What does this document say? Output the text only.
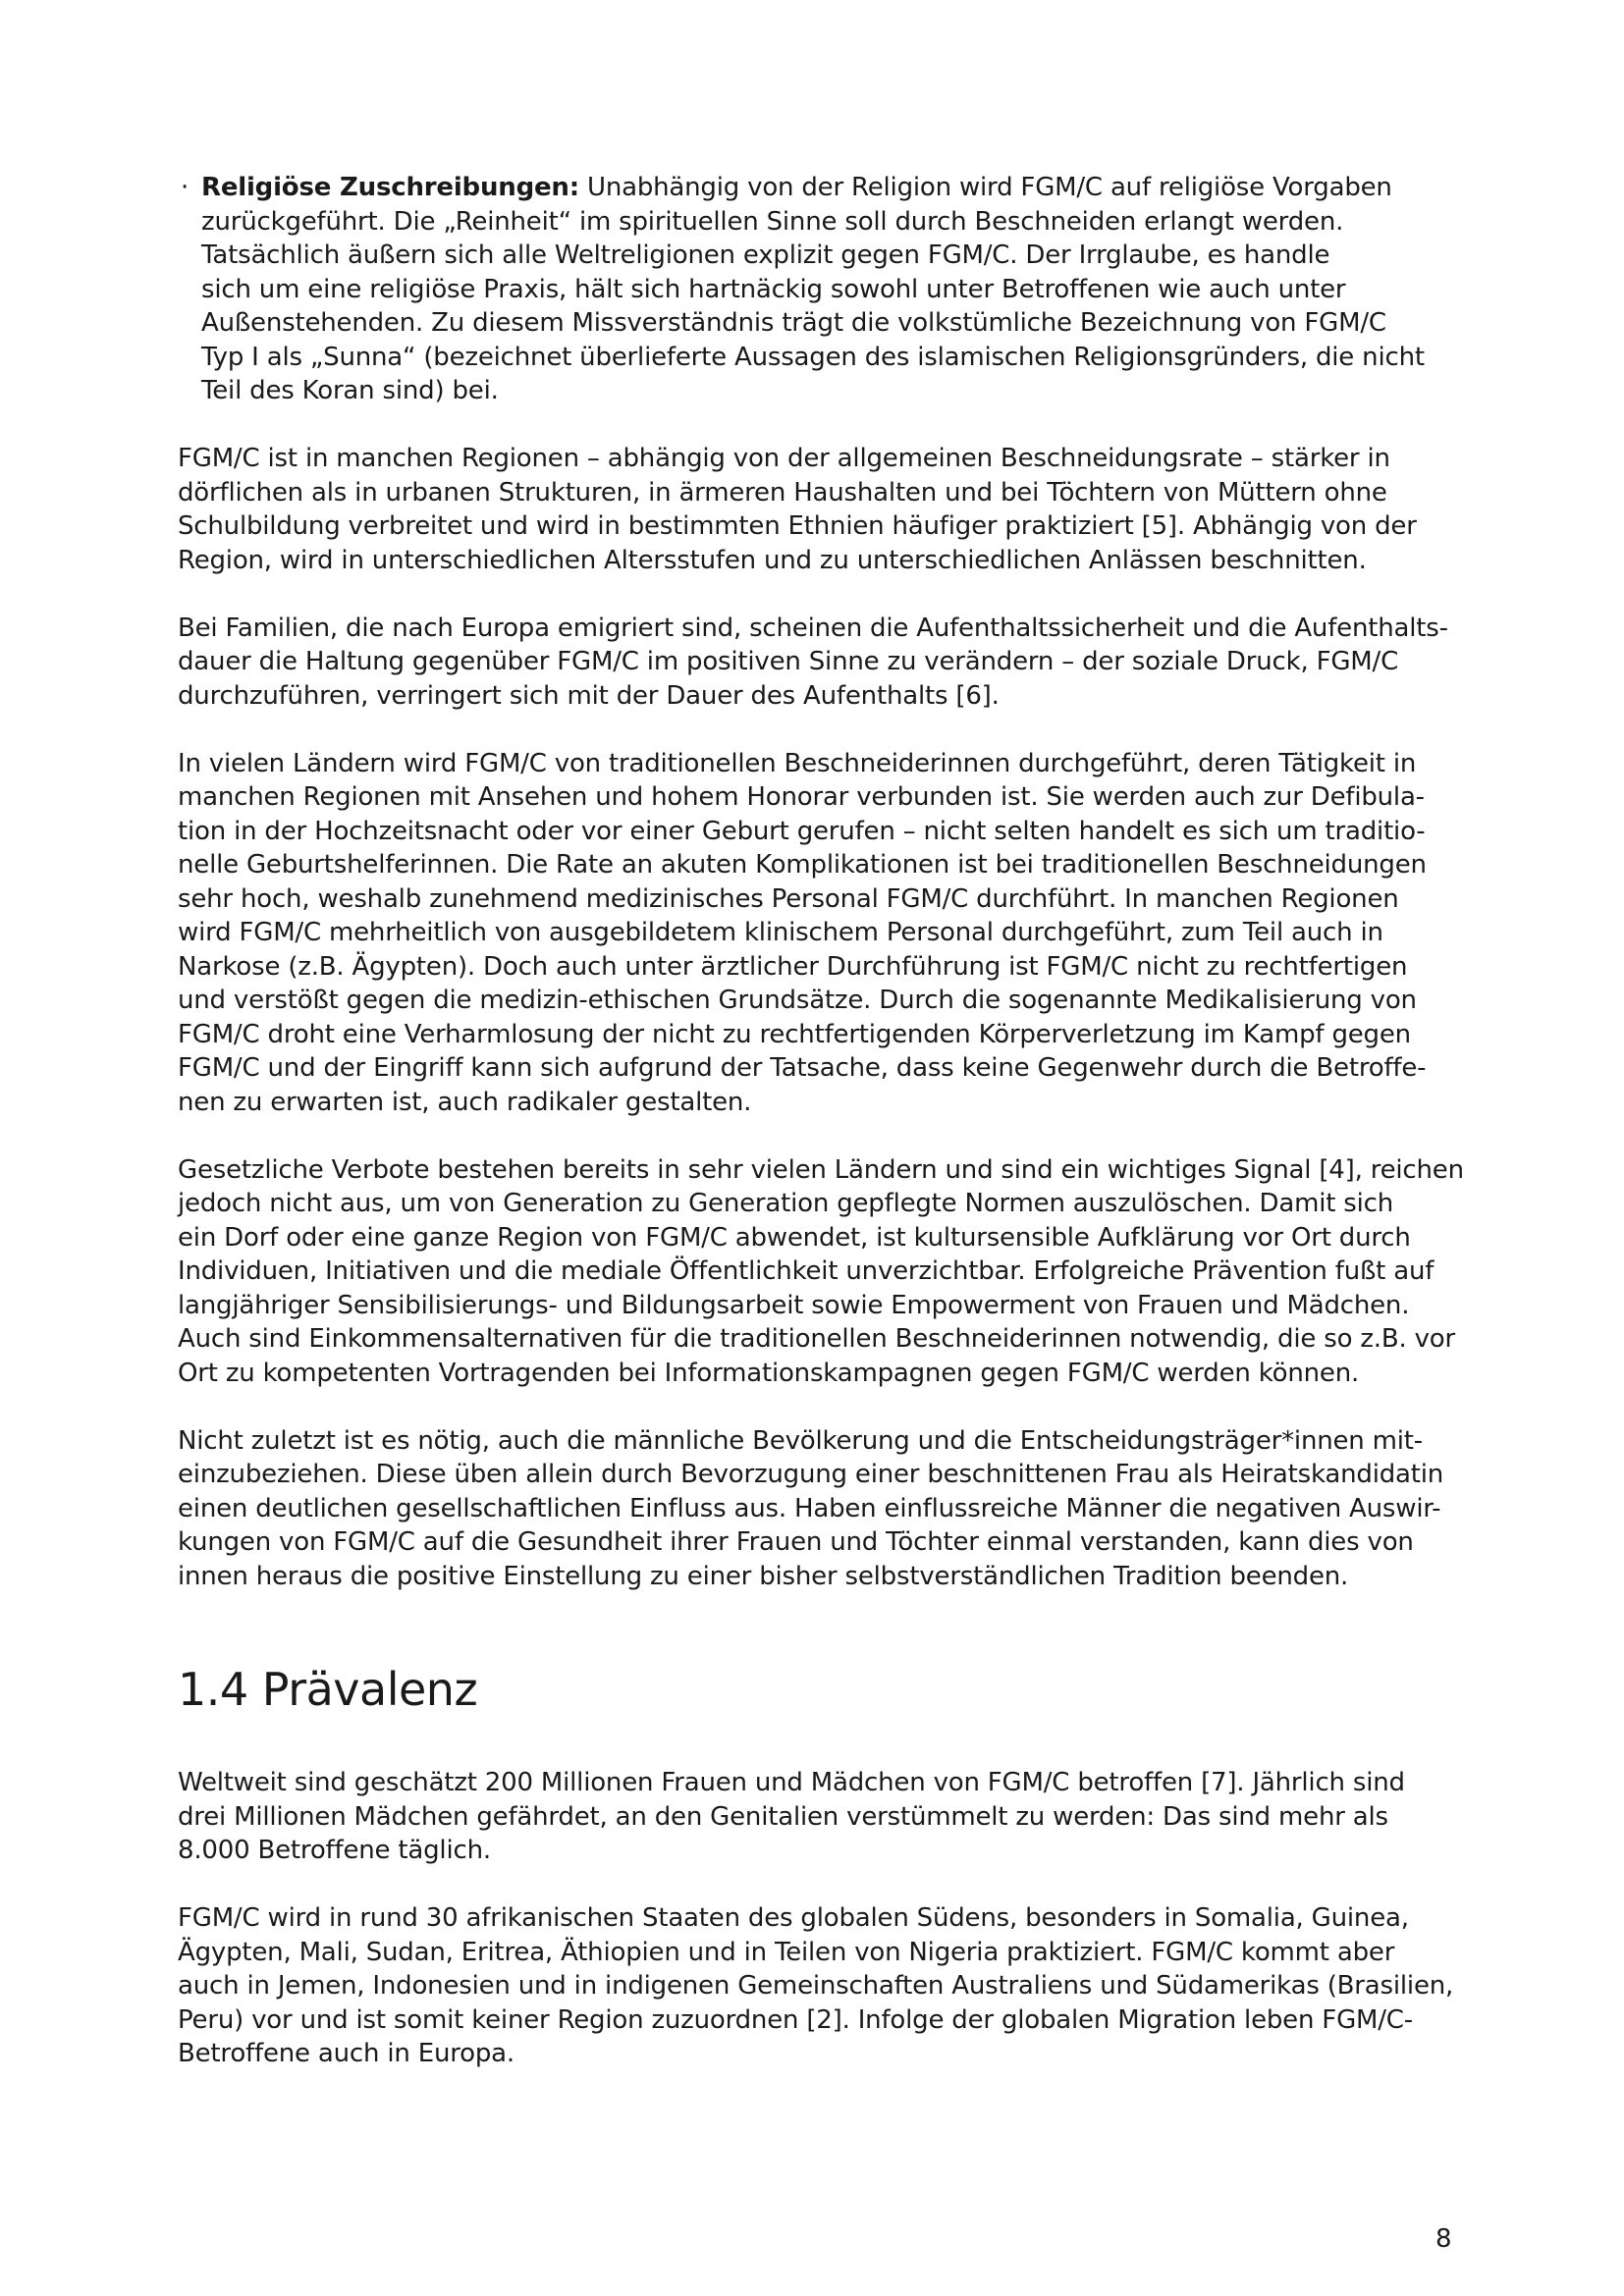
· Religiöse Zuschreibungen: Unabhängig von der Religion wird FGM/C auf religiöse Vorgaben
zurückgeführt. Die „Reinheit“ im spirituellen Sinne soll durch Beschneiden erlangt werden.
Tatsächlich äußern sich alle Weltreligionen explizit gegen FGM/C. Der Irrglaube, es handle
sich um eine religiöse Praxis, hält sich hartnäckig sowohl unter Betroffenen wie auch unter
Außenstehenden. Zu diesem Missverständnis trägt die volkstümliche Bezeichnung von FGM/C
Typ I als „Sunna“ (bezeichnet überlieferte Aussagen des islamischen Religionsgründers, die nicht
Teil des Koran sind) bei.
FGM/C ist in manchen Regionen – abhängig von der allgemeinen Beschneidungsrate – stärker in
dörflichen als in urbanen Strukturen, in ärmeren Haushalten und bei Töchtern von Müttern ohne
Schulbildung verbreitet und wird in bestimmten Ethnien häufiger praktiziert [5]. Abhängig von der
Region, wird in unterschiedlichen Altersstufen und zu unterschiedlichen Anlässen beschnitten.
Bei Familien, die nach Europa emigriert sind, scheinen die Aufenthaltssicherheit und die Aufenthalts-
dauer die Haltung gegenüber FGM/C im positiven Sinne zu verändern – der soziale Druck, FGM/C
durchzuführen, verringert sich mit der Dauer des Aufenthalts [6].
In vielen Ländern wird FGM/C von traditionellen Beschneiderinnen durchgeführt, deren Tätigkeit in
manchen Regionen mit Ansehen und hohem Honorar verbunden ist. Sie werden auch zur Defibula-
tion in der Hochzeitsnacht oder vor einer Geburt gerufen – nicht selten handelt es sich um traditio-
nelle Geburtshelferinnen. Die Rate an akuten Komplikationen ist bei traditionellen Beschneidungen
sehr hoch, weshalb zunehmend medizinisches Personal FGM/C durchführt. In manchen Regionen
wird FGM/C mehrheitlich von ausgebildetem klinischem Personal durchgeführt, zum Teil auch in
Narkose (z.B. Ägypten). Doch auch unter ärztlicher Durchführung ist FGM/C nicht zu rechtfertigen
und verstößt gegen die medizin-ethischen Grundsätze. Durch die sogenannte Medikalisierung von
FGM/C droht eine Verharmlosung der nicht zu rechtfertigenden Körperverletzung im Kampf gegen
FGM/C und der Eingriff kann sich aufgrund der Tatsache, dass keine Gegenwehr durch die Betroffe-
nen zu erwarten ist, auch radikaler gestalten.
Gesetzliche Verbote bestehen bereits in sehr vielen Ländern und sind ein wichtiges Signal [4], reichen
jedoch nicht aus, um von Generation zu Generation gepflegte Normen auszulöschen. Damit sich
ein Dorf oder eine ganze Region von FGM/C abwendet, ist kultursensible Aufklärung vor Ort durch
Individuen, Initiativen und die mediale Öffentlichkeit unverzichtbar. Erfolgreiche Prävention fußt auf
langjähriger Sensibilisierungs- und Bildungsarbeit sowie Empowerment von Frauen und Mädchen.
Auch sind Einkommensalternativen für die traditionellen Beschneiderinnen notwendig, die so z.B. vor
Ort zu kompetenten Vortragenden bei Informationskampagnen gegen FGM/C werden können.
Nicht zuletzt ist es nötig, auch die männliche Bevölkerung und die Entscheidungsträger*innen mit-
einzubeziehen. Diese üben allein durch Bevorzugung einer beschnittenen Frau als Heiratskandidatin
einen deutlichen gesellschaftlichen Einfluss aus. Haben einflussreiche Männer die negativen Auswir-
kungen von FGM/C auf die Gesundheit ihrer Frauen und Töchter einmal verstanden, kann dies von
innen heraus die positive Einstellung zu einer bisher selbstverständlichen Tradition beenden.
1.4 Prävalenz
Weltweit sind geschätzt 200 Millionen Frauen und Mädchen von FGM/C betroffen [7]. Jährlich sind
drei Millionen Mädchen gefährdet, an den Genitalien verstümmelt zu werden: Das sind mehr als
8.000 Betroffene täglich.
FGM/C wird in rund 30 afrikanischen Staaten des globalen Südens, besonders in Somalia, Guinea,
Ägypten, Mali, Sudan, Eritrea, Äthiopien und in Teilen von Nigeria praktiziert. FGM/C kommt aber
auch in Jemen, Indonesien und in indigenen Gemeinschaften Australiens und Südamerikas (Brasilien,
Peru) vor und ist somit keiner Region zuzuordnen [2]. Infolge der globalen Migration leben FGM/C-
Betroffene auch in Europa.
8
